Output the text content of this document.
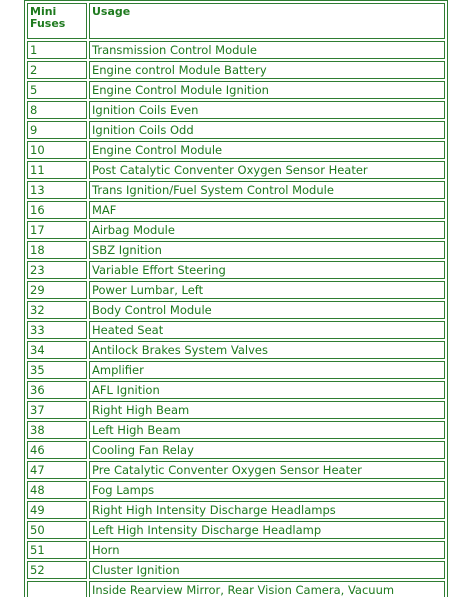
Mini Fuses	Usage
1	Transmission Control Module
2	Engine control Module Battery
5	Engine Control Module Ignition
8	Ignition Coils Even
9	Ignition Coils Odd
10	Engine Control Module
11	Post Catalytic Conventer Oxygen Sensor Heater
13	Trans Ignition/Fuel System Control Module
16	MAF
17	Airbag Module
18	SBZ Ignition
23	Variable Effort Steering
29	Power Lumbar, Left
32	Body Control Module
33	Heated Seat
34	Antilock Brakes System Valves
35	Amplifier
36	AFL Ignition
37	Right High Beam
38	Left High Beam
46	Cooling Fan Relay
47	Pre Catalytic Conventer Oxygen Sensor Heater
48	Fog Lamps
49	Right High Intensity Discharge Headlamps
50	Left High Intensity Discharge Headlamp
51	Horn
52	Cluster Ignition
	Inside Rearview Mirror, Rear Vision Camera, Vacuum
